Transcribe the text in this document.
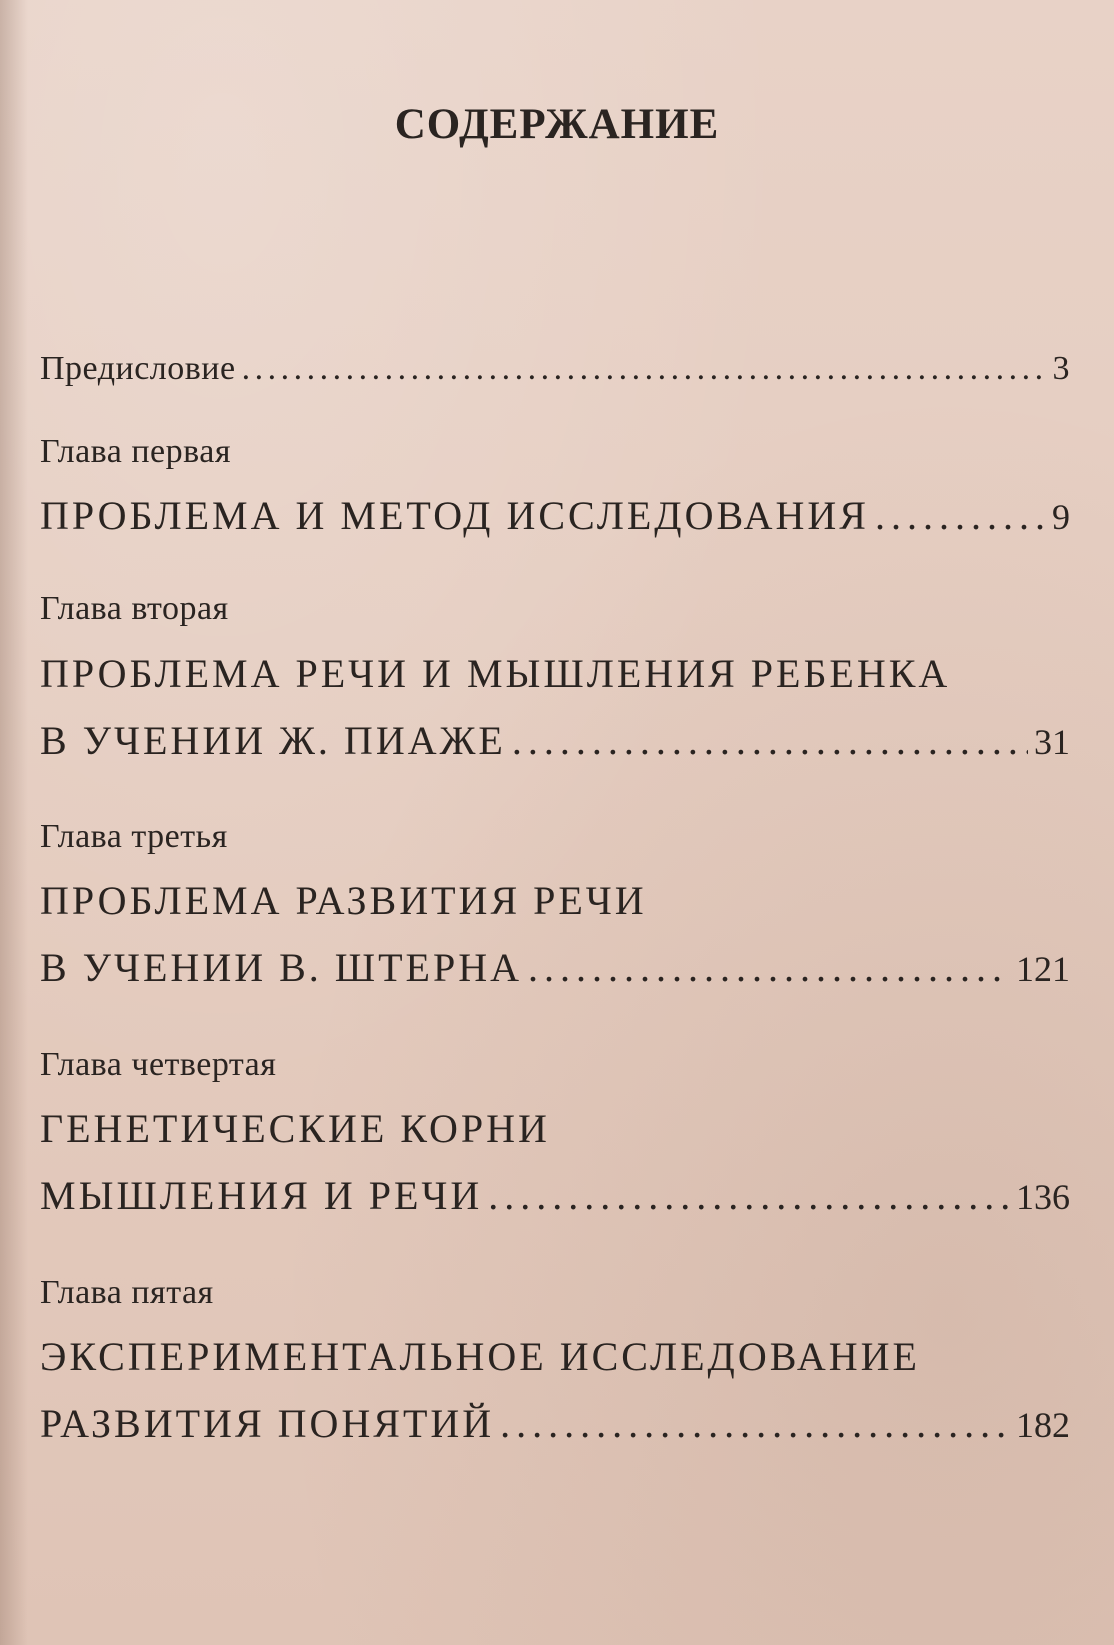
СОДЕРЖАНИЕ
Предисловие . . .	3
Глава первая
ПРОБЛЕМА И МЕТОД ИССЛЕДОВАНИЯ . . .	9
Глава вторая
ПРОБЛЕМА РЕЧИ И МЫШЛЕНИЯ РЕБЕНКА
В УЧЕНИИ Ж. ПИАЖЕ . . .	31
Глава третья
ПРОБЛЕМА РАЗВИТИЯ РЕЧИ
В УЧЕНИИ В. ШТЕРНА . . .	121
Глава четвертая
ГЕНЕТИЧЕСКИЕ КОРНИ
МЫШЛЕНИЯ И РЕЧИ . . .	136
Глава пятая
ЭКСПЕРИМЕНТАЛЬНОЕ ИССЛЕДОВАНИЕ
РАЗВИТИЯ ПОНЯТИЙ . . .	182
